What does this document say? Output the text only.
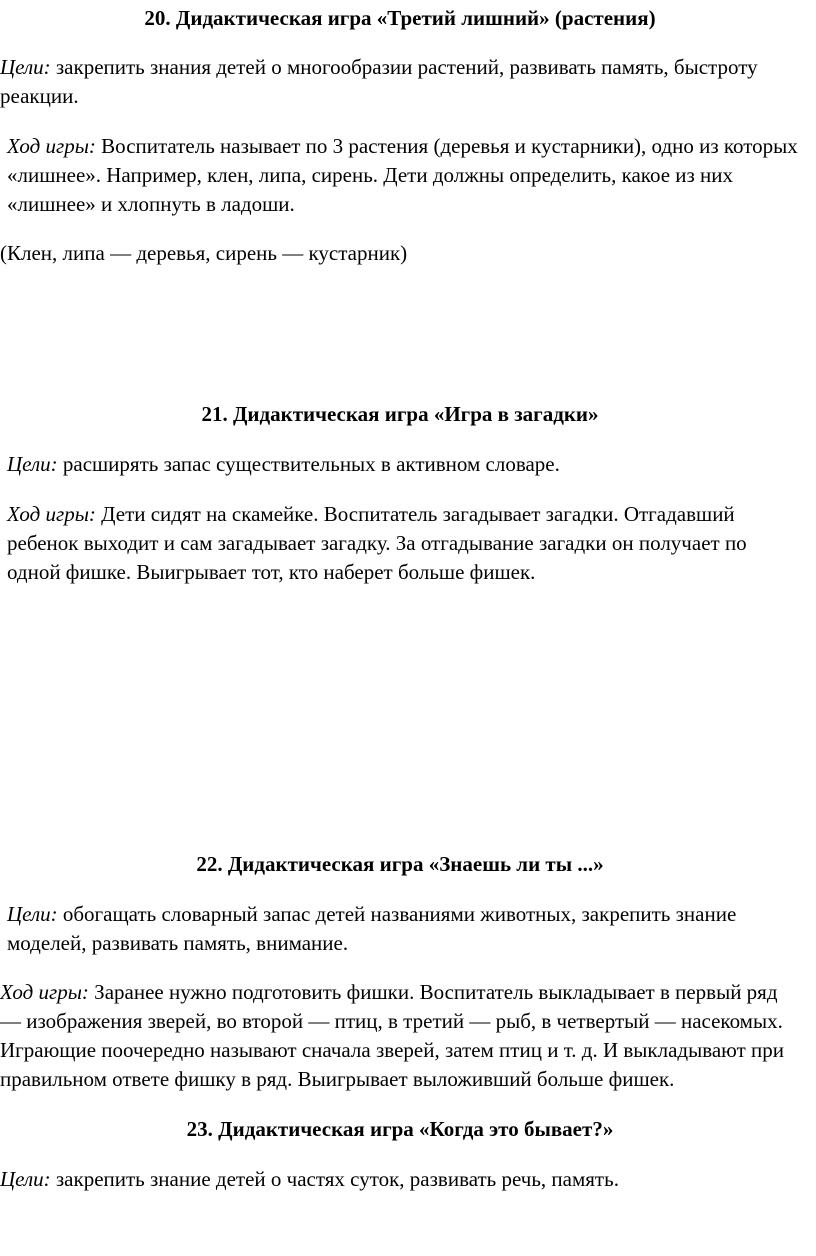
20. Дидактическая игра «Третий лишний» (растения)

Цели: закрепить знания детей о многообразии растений, развивать память, быстроту реакции.

Ход игры: Воспитатель называет по 3 растения (деревья и кустарники), одно из которых «лишнее». Например, клен, липа, сирень. Дети должны определить, какое из них «лишнее» и хлопнуть в ладоши.

(Клен, липа — деревья, сирень — кустарник)

21. Дидактическая игра «Игра в загадки»

Цели: расширять запас существительных в активном словаре.

Ход игры: Дети сидят на скамейке. Воспитатель загадывает загадки. Отгадавший ребенок выходит и сам загадывает загадку. За отгадывание загадки он получает по одной фишке. Выигрывает тот, кто наберет больше фишек.

22. Дидактическая игра «Знаешь ли ты ...»

Цели: обогащать словарный запас детей названиями животных, закрепить знание моделей, развивать память, внимание.

Ход игры: Заранее нужно подготовить фишки. Воспитатель выкладывает в первый ряд — изображения зверей, во второй — птиц, в третий — рыб, в четвертый — насекомых. Играющие поочередно называют сначала зверей, затем птиц и т. д. И выкладывают при правильном ответе фишку в ряд. Выигрывает выложивший больше фишек.

23. Дидактическая игра «Когда это бывает?»

Цели: закрепить знание детей о частях суток, развивать речь, память.
